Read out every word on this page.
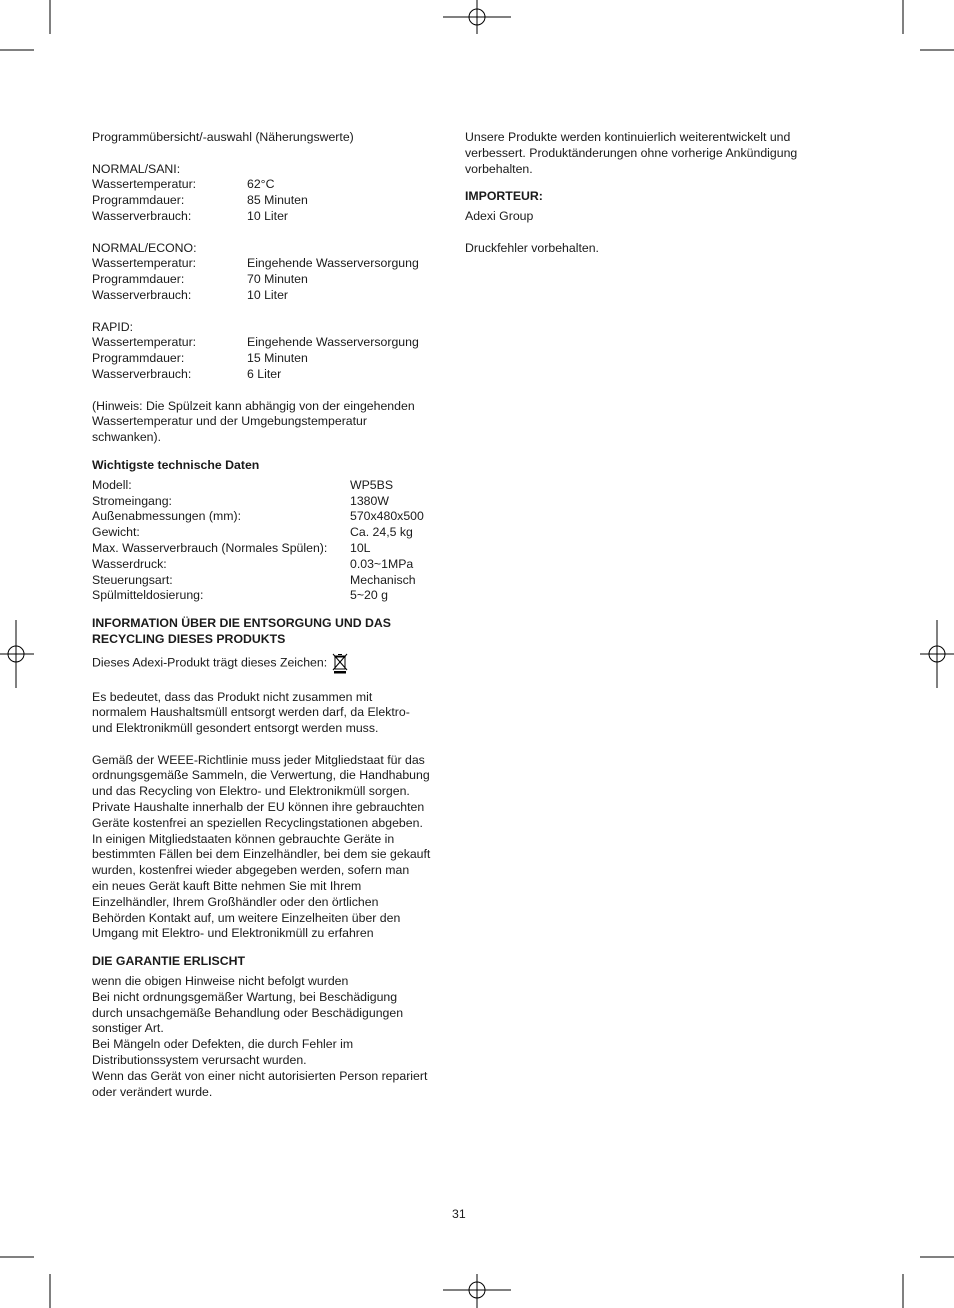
Programmübersicht/-auswahl (Näherungswerte)
NORMAL/SANI:
Wassertemperatur:	62°C
Programmdauer:	85 Minuten
Wasserverbrauch:	10 Liter
NORMAL/ECONO:
Wassertemperatur:	Eingehende Wasserversorgung
Programmdauer:	70 Minuten
Wasserverbrauch:	10 Liter
RAPID:
Wassertemperatur:	Eingehende Wasserversorgung
Programmdauer:	15 Minuten
Wasserverbrauch:	6 Liter
(Hinweis: Die Spülzeit kann abhängig von der eingehenden
Wassertemperatur und der Umgebungstemperatur
schwanken).
Wichtigste technische Daten
Modell:	WP5BS
Stromeingang:	1380W
Außenabmessungen (mm):	570x480x500
Gewicht:	Ca. 24,5 kg
Max. Wasserverbrauch (Normales Spülen):	10L
Wasserdruck:	0.03~1MPa
Steuerungsart:	Mechanisch
Spülmitteldosierung:	5~20 g
INFORMATION ÜBER DIE ENTSORGUNG UND DAS
RECYCLING DIESES PRODUKTS
Dieses Adexi-Produkt trägt dieses Zeichen:
Es bedeutet, dass das Produkt nicht zusammen mit
normalem Haushaltsmüll entsorgt werden darf, da Elektro-
und Elektronikmüll gesondert entsorgt werden muss.
Gemäß der WEEE-Richtlinie muss jeder Mitgliedstaat für das
ordnungsgemäße Sammeln, die Verwertung, die Handhabung
und das Recycling von Elektro- und Elektronikmüll sorgen.
Private Haushalte innerhalb der EU können ihre gebrauchten
Geräte kostenfrei an speziellen Recyclingstationen abgeben.
In einigen Mitgliedstaaten können gebrauchte Geräte in
bestimmten Fällen bei dem Einzelhändler, bei dem sie gekauft
wurden, kostenfrei wieder abgegeben werden, sofern man
ein neues Gerät kauft Bitte nehmen Sie mit Ihrem
Einzelhändler, Ihrem Großhändler oder den örtlichen
Behörden Kontakt auf, um weitere Einzelheiten über den
Umgang mit Elektro- und Elektronikmüll zu erfahren
DIE GARANTIE ERLISCHT
wenn die obigen Hinweise nicht befolgt wurden
Bei nicht ordnungsgemäßer Wartung, bei Beschädigung
durch unsachgemäße Behandlung oder Beschädigungen
sonstiger Art.
Bei Mängeln oder Defekten, die durch Fehler im
Distributionssystem verursacht wurden.
Wenn das Gerät von einer nicht autorisierten Person repariert
oder verändert wurde.
Unsere Produkte werden kontinuierlich weiterentwickelt und
verbessert. Produktänderungen ohne vorherige Ankündigung
vorbehalten.
IMPORTEUR:
Adexi Group
Druckfehler vorbehalten.
31
